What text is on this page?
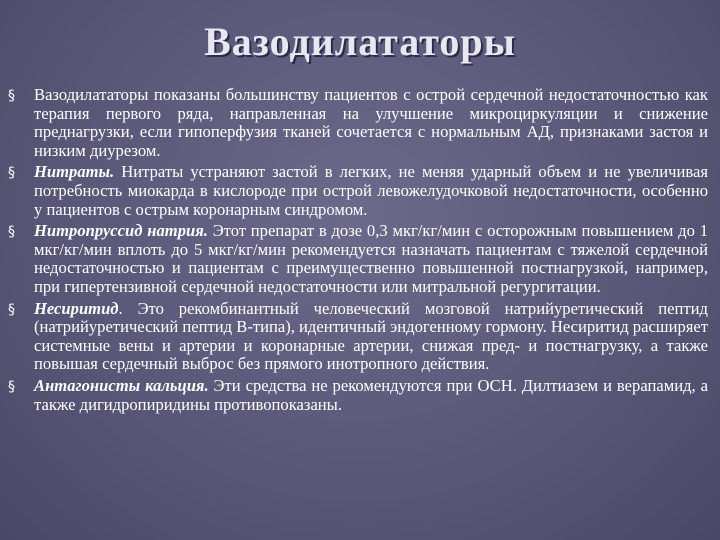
Вазодилататоры
§ Вазодилататоры показаны большинству пациентов с острой сердечной недостаточностью как терапия первого ряда, направленная на улучшение микроциркуляции и снижение преднагрузки, если гипоперфузия тканей сочетается с нормальным АД, признаками застоя и низким диурезом.
§ Нитраты. Нитраты устраняют застой в легких, не меняя ударный объем и не увеличивая потребность миокарда в кислороде при острой левожелудочковой недостаточности, особенно у пациентов с острым коронарным синдромом.
§ Нитропруссид натрия. Этот препарат в дозе 0,3 мкг/кг/мин с осторожным повышением до 1 мкг/кг/мин вплоть до 5 мкг/кг/мин рекомендуется назначать пациентам с тяжелой сердечной недостаточностью и пациентам с преимущественно повышенной постнагрузкой, например, при гипертензивной сердечной недостаточности или митральной регургитации.
§ Несиритид. Это рекомбинантный человеческий мозговой натрийуретический пептид (натрийуретический пептид В-типа), идентичный эндогенному гормону. Несиритид расширяет системные вены и артерии и коронарные артерии, снижая пред- и постнагрузку, а также повышая сердечный выброс без прямого инотропного действия.
§ Антагонисты кальция. Эти средства не рекомендуются при ОСН. Дилтиазем и верапамид, а также дигидропиридины противопоказаны.
